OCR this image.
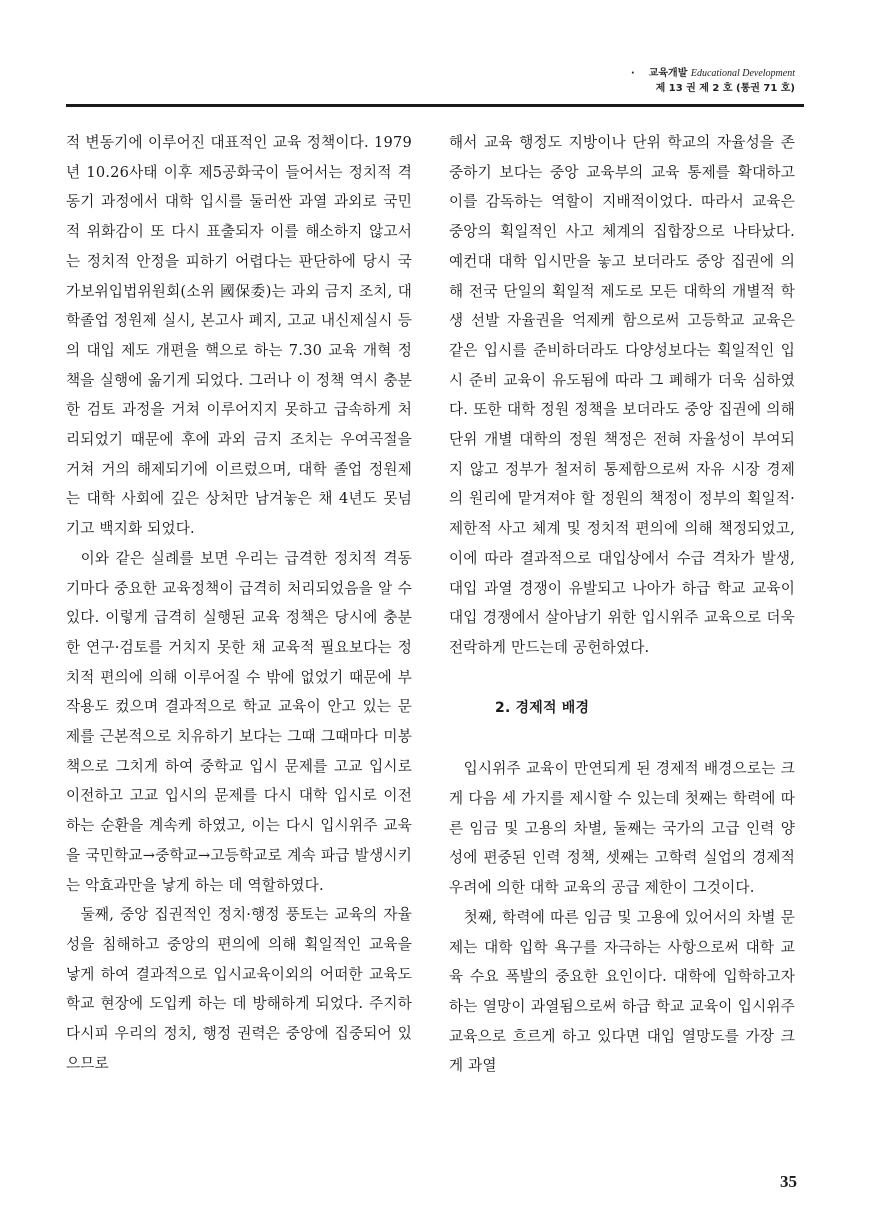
· 교육개발 Educational Development
제 13 권 제 2 호 (통권 71 호)

적 변동기에 이루어진 대표적인 교육 정책이다. 1979년 10.26사태 이후 제5공화국이 들어서는 정치적 격동기 과정에서 대학 입시를 둘러싼 과열 과외로 국민적 위화감이 또 다시 표출되자 이를 해소하지 않고서는 정치적 안정을 피하기 어렵다는 판단하에 당시 국가보위입법위원회(소위 國保委)는 과외 금지 조치, 대학졸업 정원제 실시, 본고사 폐지, 고교 내신제실시 등의 대입 제도 개편을 핵으로 하는 7.30 교육 개혁 정책을 실행에 옮기게 되었다. 그러나 이 정책 역시 충분한 검토 과정을 거쳐 이루어지지 못하고 급속하게 처리되었기 때문에 후에 과외 금지 조치는 우여곡절을 거쳐 거의 해제되기에 이르렀으며, 대학 졸업 정원제는 대학 사회에 깊은 상처만 남겨놓은 채 4년도 못넘기고 백지화 되었다.

이와 같은 실례를 보면 우리는 급격한 정치적 격동기마다 중요한 교육정책이 급격히 처리되었음을 알 수 있다. 이렇게 급격히 실행된 교육 정책은 당시에 충분한 연구·검토를 거치지 못한 채 교육적 필요보다는 정치적 편의에 의해 이루어질 수 밖에 없었기 때문에 부작용도 컸으며 결과적으로 학교 교육이 안고 있는 문제를 근본적으로 치유하기 보다는 그때 그때마다 미봉책으로 그치게 하여 중학교 입시 문제를 고교 입시로 이전하고 고교 입시의 문제를 다시 대학 입시로 이전하는 순환을 계속케 하였고, 이는 다시 입시위주 교육을 국민학교→중학교→고등학교로 계속 파급 발생시키는 악효과만을 낳게 하는 데 역할하였다.

둘째, 중앙 집권적인 정치·행정 풍토는 교육의 자율성을 침해하고 중앙의 편의에 의해 획일적인 교육을 낳게 하여 결과적으로 입시교육이외의 어떠한 교육도 학교 현장에 도입케 하는 데 방해하게 되었다. 주지하다시피 우리의 정치, 행정 권력은 중앙에 집중되어 있으므로

해서 교육 행정도 지방이나 단위 학교의 자율성을 존중하기 보다는 중앙 교육부의 교육 통제를 확대하고 이를 감독하는 역할이 지배적이었다. 따라서 교육은 중앙의 획일적인 사고 체계의 집합장으로 나타났다. 예컨대 대학 입시만을 놓고 보더라도 중앙 집권에 의해 전국 단일의 획일적 제도로 모든 대학의 개별적 학생 선발 자율권을 억제케 함으로써 고등학교 교육은 같은 입시를 준비하더라도 다양성보다는 획일적인 입시 준비 교육이 유도됨에 따라 그 폐해가 더욱 심하였다. 또한 대학 정원 정책을 보더라도 중앙 집권에 의해 단위 개별 대학의 정원 책정은 전혀 자율성이 부여되지 않고 정부가 철저히 통제함으로써 자유 시장 경제의 원리에 맡겨져야 할 정원의 책정이 정부의 획일적·제한적 사고 체계 및 정치적 편의에 의해 책정되었고, 이에 따라 결과적으로 대입상에서 수급 격차가 발생, 대입 과열 경쟁이 유발되고 나아가 하급 학교 교육이 대입 경쟁에서 살아남기 위한 입시위주 교육으로 더욱 전락하게 만드는데 공헌하였다.

2. 경제적 배경

입시위주 교육이 만연되게 된 경제적 배경으로는 크게 다음 세 가지를 제시할 수 있는데 첫째는 학력에 따른 임금 및 고용의 차별, 둘째는 국가의 고급 인력 양성에 편중된 인력 정책, 셋째는 고학력 실업의 경제적 우려에 의한 대학 교육의 공급 제한이 그것이다.

첫째, 학력에 따른 임금 및 고용에 있어서의 차별 문제는 대학 입학 욕구를 자극하는 사항으로써 대학 교육 수요 폭발의 중요한 요인이다. 대학에 입학하고자 하는 열망이 과열됨으로써 하급 학교 교육이 입시위주 교육으로 흐르게 하고 있다면 대입 열망도를 가장 크게 과열

35
